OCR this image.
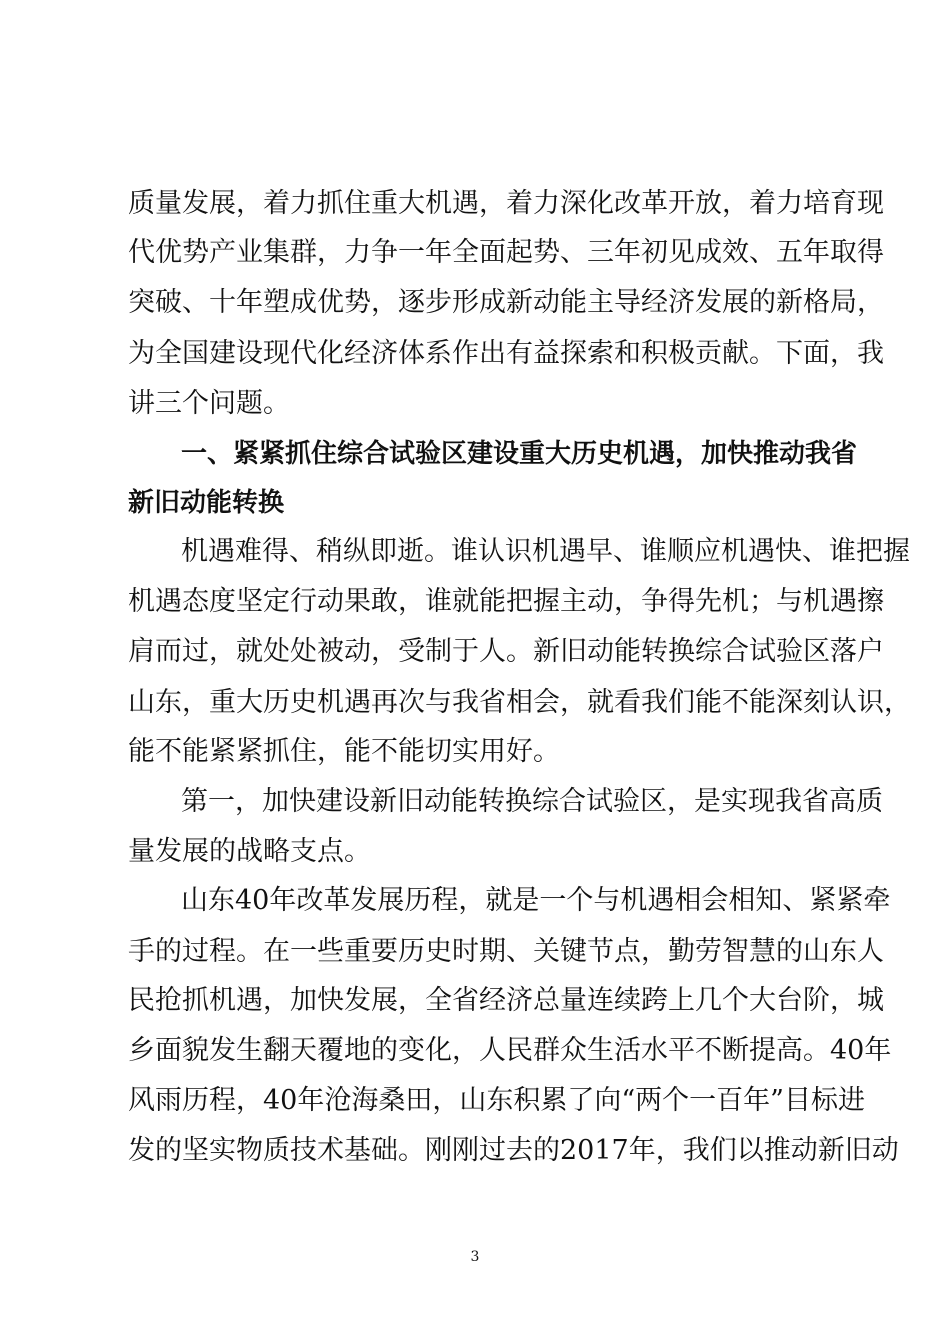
质量发展，着力抓住重大机遇，着力深化改革开放，着力培育现
代优势产业集群，力争一年全面起势、三年初见成效、五年取得
突破、十年塑成优势，逐步形成新动能主导经济发展的新格局，
为全国建设现代化经济体系作出有益探索和积极贡献。下面，我
讲三个问题。
一、紧紧抓住综合试验区建设重大历史机遇，加快推动我省
新旧动能转换
机遇难得、稍纵即逝。谁认识机遇早、谁顺应机遇快、谁把握
机遇态度坚定行动果敢，谁就能把握主动，争得先机；与机遇擦
肩而过，就处处被动，受制于人。新旧动能转换综合试验区落户
山东，重大历史机遇再次与我省相会，就看我们能不能深刻认识，
能不能紧紧抓住，能不能切实用好。
第一，加快建设新旧动能转换综合试验区，是实现我省高质
量发展的战略支点。
山东40年改革发展历程，就是一个与机遇相会相知、紧紧牵
手的过程。在一些重要历史时期、关键节点，勤劳智慧的山东人
民抢抓机遇，加快发展，全省经济总量连续跨上几个大台阶，城
乡面貌发生翻天覆地的变化，人民群众生活水平不断提高。40年
风雨历程，40年沧海桑田，山东积累了向“两个一百年”目标进
发的坚实物质技术基础。刚刚过去的2017年，我们以推动新旧动
3
